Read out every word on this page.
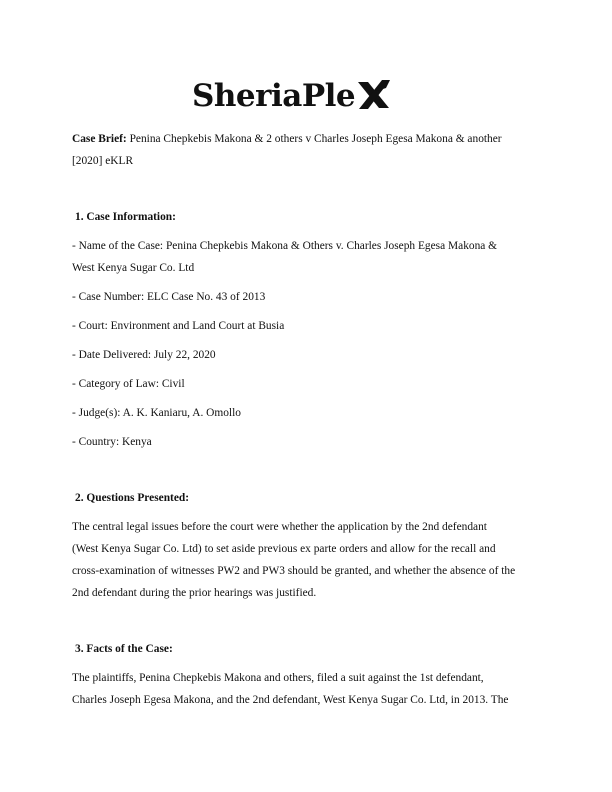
SheriaPle

Case Brief: Penina Chepkebis Makona & 2 others v Charles Joseph Egesa Makona & another
[2020] eKLR

1. Case Information:

- Name of the Case: Penina Chepkebis Makona & Others v. Charles Joseph Egesa Makona &

West Kenya Sugar Co. Ltd

- Case Number: ELC Case No. 43 of 2013

- Court: Environment and Land Court at Busia

- Date Delivered: July 22, 2020

- Category of Law: Civil

- Judge(s): A. K. Kaniaru, A. Omollo

- Country: Kenya

2. Questions Presented:

The central legal issues before the court were whether the application by the 2nd defendant

(West Kenya Sugar Co. Ltd) to set aside previous ex parte orders and allow for the recall and

cross-examination of witnesses PW2 and PW3 should be granted, and whether the absence of the

2nd defendant during the prior hearings was justified.

3. Facts of the Case:

The plaintiffs, Penina Chepkebis Makona and others, filed a suit against the 1st defendant,

Charles Joseph Egesa Makona, and the 2nd defendant, West Kenya Sugar Co. Ltd, in 2013. The
